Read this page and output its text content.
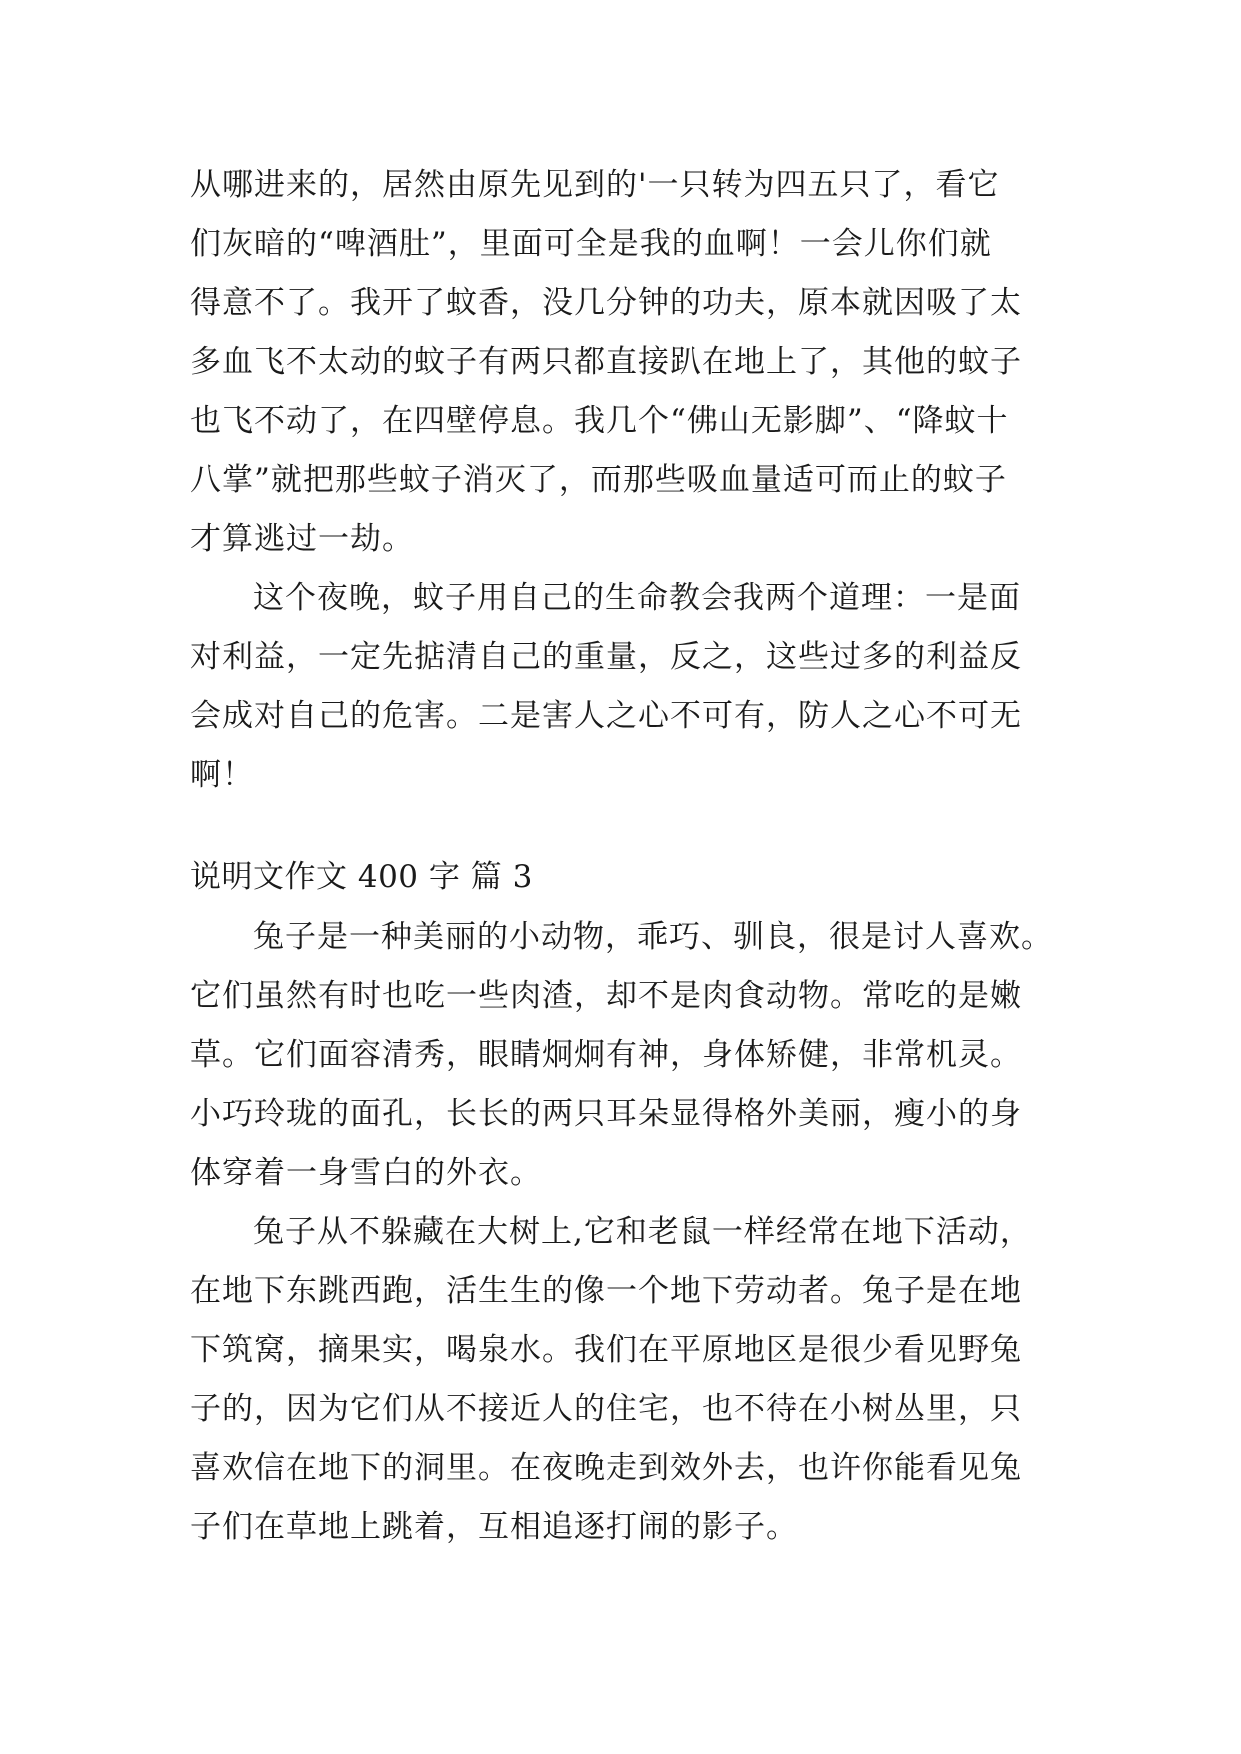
从哪进来的，居然由原先见到的'一只转为四五只了，看它
们灰暗的“啤酒肚”，里面可全是我的血啊！一会儿你们就
得意不了。我开了蚊香，没几分钟的功夫，原本就因吸了太
多血飞不太动的蚊子有两只都直接趴在地上了，其他的蚊子
也飞不动了，在四壁停息。我几个“佛山无影脚”、“降蚊十
八掌”就把那些蚊子消灭了，而那些吸血量适可而止的蚊子
才算逃过一劫。
这个夜晚，蚊子用自己的生命教会我两个道理：一是面
对利益，一定先掂清自己的重量，反之，这些过多的利益反
会成对自己的危害。二是害人之心不可有，防人之心不可无
啊！
说明文作文 400 字 篇 3
兔子是一种美丽的小动物，乖巧、驯良，很是讨人喜欢。
它们虽然有时也吃一些肉渣，却不是肉食动物。常吃的是嫩
草。它们面容清秀，眼睛炯炯有神，身体矫健，非常机灵。
小巧玲珑的面孔，长长的两只耳朵显得格外美丽，瘦小的身
体穿着一身雪白的外衣。
兔子从不躲藏在大树上,它和老鼠一样经常在地下活动，
在地下东跳西跑，活生生的像一个地下劳动者。兔子是在地
下筑窝，摘果实，喝泉水。我们在平原地区是很少看见野兔
子的，因为它们从不接近人的住宅，也不待在小树丛里，只
喜欢信在地下的洞里。在夜晚走到效外去，也许你能看见兔
子们在草地上跳着，互相追逐打闹的影子。
